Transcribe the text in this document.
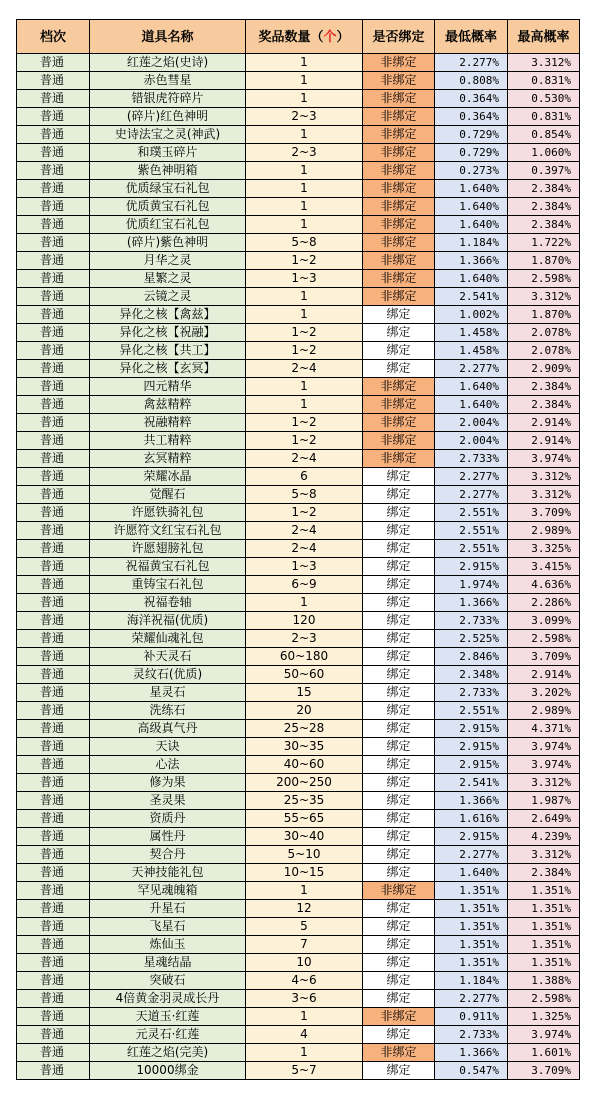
档次	道具名称	奖品数量（个）	是否绑定	最低概率	最高概率
普通	红莲之焰(史诗)	1	非绑定	2.277%	3.312%
普通	赤色彗星	1	非绑定	0.808%	0.831%
普通	错银虎符碎片	1	非绑定	0.364%	0.530%
普通	(碎片)红色神明	2~3	非绑定	0.364%	0.831%
普通	史诗法宝之灵(神武)	1	非绑定	0.729%	0.854%
普通	和璞玉碎片	2~3	非绑定	0.729%	1.060%
普通	紫色神明箱	1	非绑定	0.273%	0.397%
普通	优质绿宝石礼包	1	非绑定	1.640%	2.384%
普通	优质黄宝石礼包	1	非绑定	1.640%	2.384%
普通	优质红宝石礼包	1	非绑定	1.640%	2.384%
普通	(碎片)紫色神明	5~8	非绑定	1.184%	1.722%
普通	月华之灵	1~2	非绑定	1.366%	1.870%
普通	星繁之灵	1~3	非绑定	1.640%	2.598%
普通	云镜之灵	1	非绑定	2.541%	3.312%
普通	异化之核【禽兹】	1	绑定	1.002%	1.870%
普通	异化之核【祝融】	1~2	绑定	1.458%	2.078%
普通	异化之核【共工】	1~2	绑定	1.458%	2.078%
普通	异化之核【玄冥】	2~4	绑定	2.277%	2.909%
普通	四元精华	1	非绑定	1.640%	2.384%
普通	禽兹精粹	1	非绑定	1.640%	2.384%
普通	祝融精粹	1~2	非绑定	2.004%	2.914%
普通	共工精粹	1~2	非绑定	2.004%	2.914%
普通	玄冥精粹	2~4	非绑定	2.733%	3.974%
普通	荣耀冰晶	6	绑定	2.277%	3.312%
普通	觉醒石	5~8	绑定	2.277%	3.312%
普通	许愿铁骑礼包	1~2	绑定	2.551%	3.709%
普通	许愿符文红宝石礼包	2~4	绑定	2.551%	2.989%
普通	许愿翅膀礼包	2~4	绑定	2.551%	3.325%
普通	祝福黄宝石礼包	1~3	绑定	2.915%	3.415%
普通	重铸宝石礼包	6~9	绑定	1.974%	4.636%
普通	祝福卷轴	1	绑定	1.366%	2.286%
普通	海洋祝福(优质)	120	绑定	2.733%	3.099%
普通	荣耀仙魂礼包	2~3	绑定	2.525%	2.598%
普通	补天灵石	60~180	绑定	2.846%	3.709%
普通	灵纹石(优质)	50~60	绑定	2.348%	2.914%
普通	星灵石	15	绑定	2.733%	3.202%
普通	洗练石	20	绑定	2.551%	2.989%
普通	高级真气丹	25~28	绑定	2.915%	4.371%
普通	天诀	30~35	绑定	2.915%	3.974%
普通	心法	40~60	绑定	2.915%	3.974%
普通	修为果	200~250	绑定	2.541%	3.312%
普通	圣灵果	25~35	绑定	1.366%	1.987%
普通	资质丹	55~65	绑定	1.616%	2.649%
普通	属性丹	30~40	绑定	2.915%	4.239%
普通	契合丹	5~10	绑定	2.277%	3.312%
普通	天神技能礼包	10~15	绑定	1.640%	2.384%
普通	罕见魂魄箱	1	非绑定	1.351%	1.351%
普通	升星石	12	绑定	1.351%	1.351%
普通	飞星石	5	绑定	1.351%	1.351%
普通	炼仙玉	7	绑定	1.351%	1.351%
普通	星魂结晶	10	绑定	1.351%	1.351%
普通	突破石	4~6	绑定	1.184%	1.388%
普通	4倍黄金羽灵成长丹	3~6	绑定	2.277%	2.598%
普通	天道玉·红莲	1	非绑定	0.911%	1.325%
普通	元灵石·红莲	4	绑定	2.733%	3.974%
普通	红莲之焰(完美)	1	非绑定	1.366%	1.601%
普通	10000绑金	5~7	绑定	0.547%	3.709%
